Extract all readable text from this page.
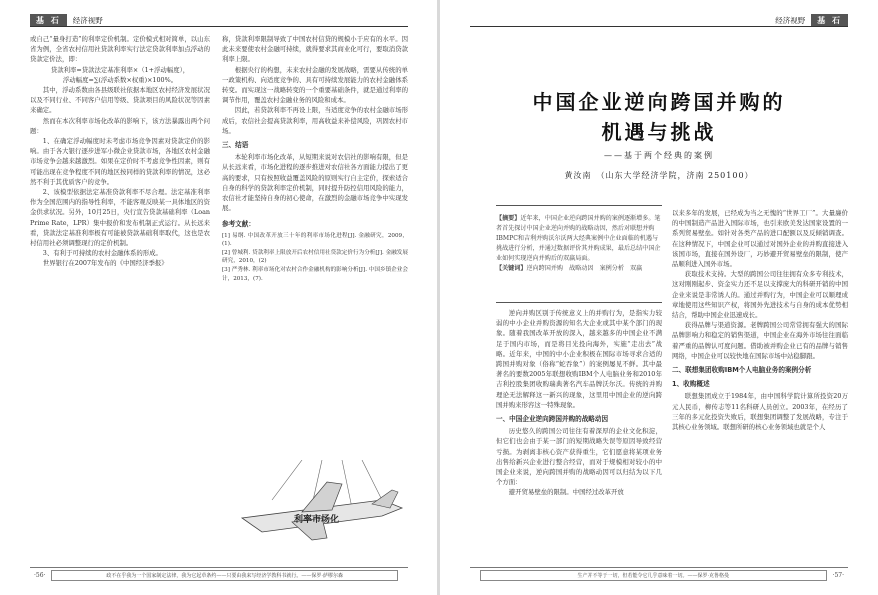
基 石	经济视野

或自己“量身打造”的利率定价机制。定价模式相对简单，以山东省为例，全省农村信用社贷款利率实行法定贷款利率加点浮动的贷款定价法，即：

贷款利率=贷款法定基准利率×（1+浮动幅度），

浮动幅度=∑(浮动系数×权重)×100%。

其中，浮动系数由各县级联社依据本地区农村经济发展状况以及不同行业、不同客户信用等级、贷款项目的风险状况等因素来确定。

然而在本次利率市场化改革的影响下，该方法暴露出两个问题：

1、在确定浮动幅度时未考虑市场竞争因素对贷款定价的影响。由于各大银行逐步进军小微企业贷款市场，各地区农村金融市场竞争会越来越激烈。如果在定价时不考虑竞争性因素，则有可能出现在竞争程度不同的地区按同样的贷款利率的情况，这必然不利于其优质客户的竞争。

2、该模型依据法定基准贷款利率不尽合理。法定基准利率作为全国范围内的指导性利率，不能客观反映某一具体地区的资金供求状况。另外，10月25日，央行宣告贷款基础利率（Loan Prime Rate，LPR）集中报价和发布机制正式运行。从长远来看，贷款法定基准利率极有可能被贷款基础利率取代，这也是农村信用社必须调整现行的定价机制。

3、有利于可持续的农村金融体系的形成。

世界银行在2007年发布的《中国经济季报》

称，贷款利率限制导致了中国农村信贷的规模小于应有的水平。因此未来要使农村金融可持续，就得要求其商业化可行，要取消贷款利率上限。

根据央行的构想，未来农村金融的发展战略，需要从传统的单一政策机构、向适度竞争的、具有可持续发展能力的农村金融体系转变。而实现这一战略转变的一个重要基础条件，就是通过利率的调节作用，覆盖农村金融业务的风险和成本。

因此，若贷款利率不再设上限，当适度竞争的农村金融市场形成后，农信社会提高贷款利率，用高收益来补偿风险，巩固农村市场。

三、结语

本轮利率市场化改革，从短期来说对农信社的影响有限，但是从长远来看，市场化进程的逐步推进对农信社各方面能力提出了更高的要求，只有按照收益覆盖风险的原则实行自主定价，探索适合自身的科学的贷款利率定价机制，同时提升防控信用风险的能力，农信社才能坚持自身的初心使命，在激烈的金融市场竞争中实现发展。

参考文献：

[1] 易纲. 中国改革开放三十年的利率市场化进程[J]. 金融研究，2009，(1).

[2] 曾城利. 贷款利率上限放开后农村信用社贷款定价行为分析[J]. 金融发展研究，2010，(2)

[3] 严秀林. 利率市场化对农村合作金融机构的影响分析[J]. 中国乡镇企业会计，2013，(7).

利率市场化
·56·	政不在乎我为一个国家制定法律，我为它起草条约——只要由我来写经济学教科书就行。——保罗·萨缪尔森
经济视野	基 石
中国企业逆向跨国并购的
机遇与挑战
——基于两个经典的案例
黄汝南　（山东大学经济学院，济南 250100）
【摘要】近年来，中国企业逆向跨国并购的案例逐渐增多。笔者首先探讨中国企业逆向并购的战略动因，然后对联想并购IBMPC和吉利并购沃尔沃两大经典案例中企业面临的机遇与挑战进行分析，并通过数据评价其并购成果，最后总结中国企业如何实现逆向并购后的双赢局面。
【关键词】逆向跨国并购　战略动因　案例分析　双赢

逆向并购区别于传统意义上的并购行为，是指实力较弱的中小企业并购资源的知名大企业或其中某个部门的现象。随着我国改革开放的深入，越来越多的中国企业不满足于国内市场，而是将目光投向海外，实施“走出去”战略。近年来，中国的中小企业积极在国际市场寻求合适的跨国并购对象（俗称“蛇吞象”）的案例屡见不鲜。其中最著名的要数2005年联想收购IBM个人电脑业务和2010年吉利控股集团收购瑞典著名汽车品牌沃尔沃。传统的并购理论无法解释这一新兴的现象，这里用中国企业的逆向跨国并购来形容这一特殊现象。

一、中国企业逆向跨国并购的战略动因

历史悠久的跨国公司往往有着深厚的企业文化积淀，但它们也会由于某一部门的短期战略失误等原因导致经营亏损。为剥离非核心资产获得重生，它们愿意将某项业务出售给新兴企业进行整合经营，而对于规模相对较小的中国企业来说，逆向跨国并购的战略动因可以归结为以下几个方面：

避开贸易壁垒的限制。中国经过改革开放

以来多年的发展，已经成为当之无愧的“世界工厂”。大量廉价的中国制造产品进入国际市场，也引来欧美发达国家设置的一系列贸易壁垒。如针对各类产品的进口配额以及反倾销调查。在这种情况下，中国企业可以通过对国外企业的并购直接进入该国市场，直接在国外设厂，巧妙避开贸易壁垒的限制，使产品顺利进入国外市场。

获取技术支持。大型的跨国公司往往拥有众多专利技术，这对刚刚起步、资金实力还不足以支撑庞大的科研开销的中国企业来说是非常诱人的。通过并购行为，中国企业可以顺理成章地使用这些知识产权，将国外先进技术与自身的成本优势相结合，帮助中国企业迅速成长。

获得品牌与渠道资源。老牌跨国公司常常拥有强大的国际品牌影响力和稳定的销售渠道，中国企业在海外市场往往面临着严重的品牌认可度问题。借助被并购企业已有的品牌与销售网络，中国企业可以较快地在国际市场中站稳脚跟。

二、联想集团收购IBM个人电脑业务的案例分析

1、收购概述

联想集团成立于1984年，由中国科学院计算所投资20万元人民币，柳传志等11名科研人员创立。2003年，在经历了三年的多元化投资失败后，联想集团调整了发展战略，专注于其核心业务领域。联想所研的核心业务领域也就是个人

生产并不等于一切，但若能令它几乎意味着一切。——保罗·克鲁格曼	·57·
